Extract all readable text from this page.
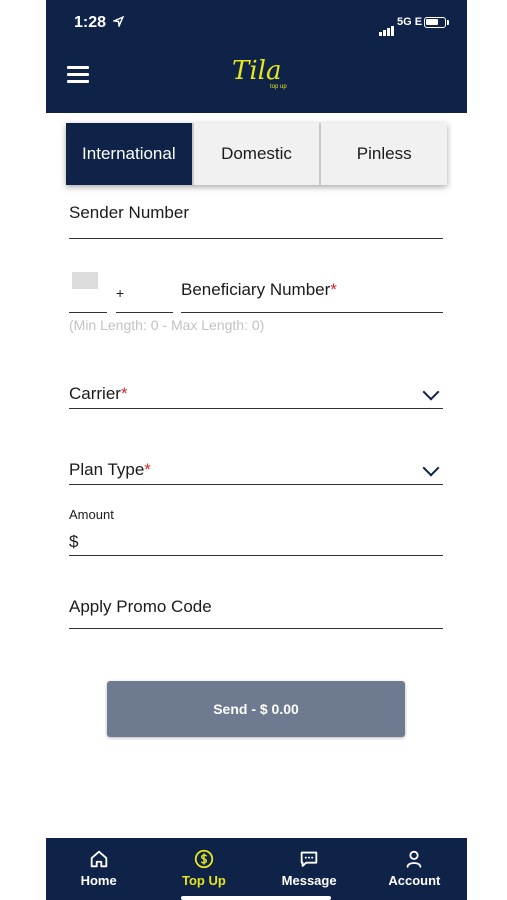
1:28	5G E
Tila
top up
International	Domestic	Pinless
Sender Number
+	Beneficiary Number*
(Min Length: 0 - Max Length: 0)
Carrier*
Plan Type*
Amount
$
Apply Promo Code
Send - $ 0.00
Home	Top Up	Message	Account
